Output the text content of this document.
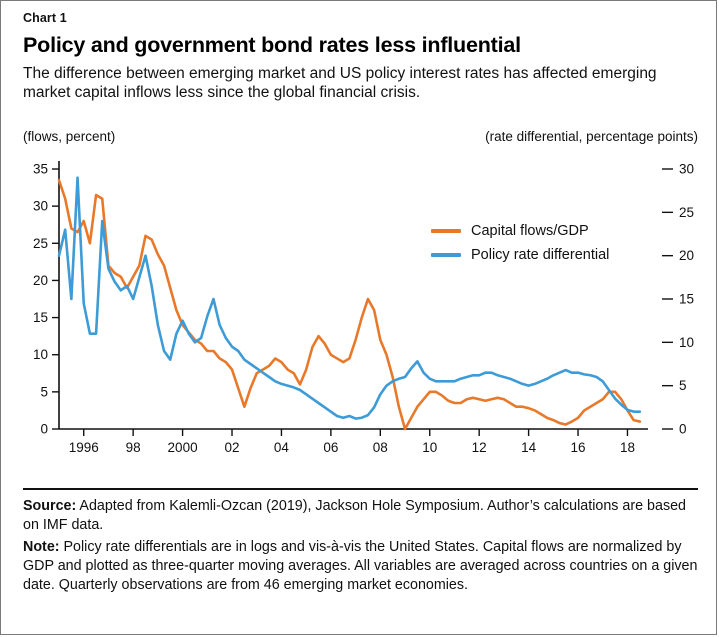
Chart 1
Policy and government bond rates less influential
The difference between emerging market and US policy interest rates has affected emerging market capital inflows less since the global financial crisis.
(flows, percent)	(rate differential, percentage points)
0
5
10
15
20
25
30
35
0
5
10
15
20
25
30
1996 98 2000 02	04	06	08	10	12	14	16	18
Capital flows/GDP
Policy rate differential

Source: Adapted from Kalemli-Ozcan (2019), Jackson Hole Symposium. Author’s calculations are based on IMF data.

Note: Policy rate differentials are in logs and vis-à-vis the United States. Capital flows are normalized by GDP and plotted as three-quarter moving averages. All variables are averaged across countries on a given date. Quarterly observations are from 46 emerging market economies.
